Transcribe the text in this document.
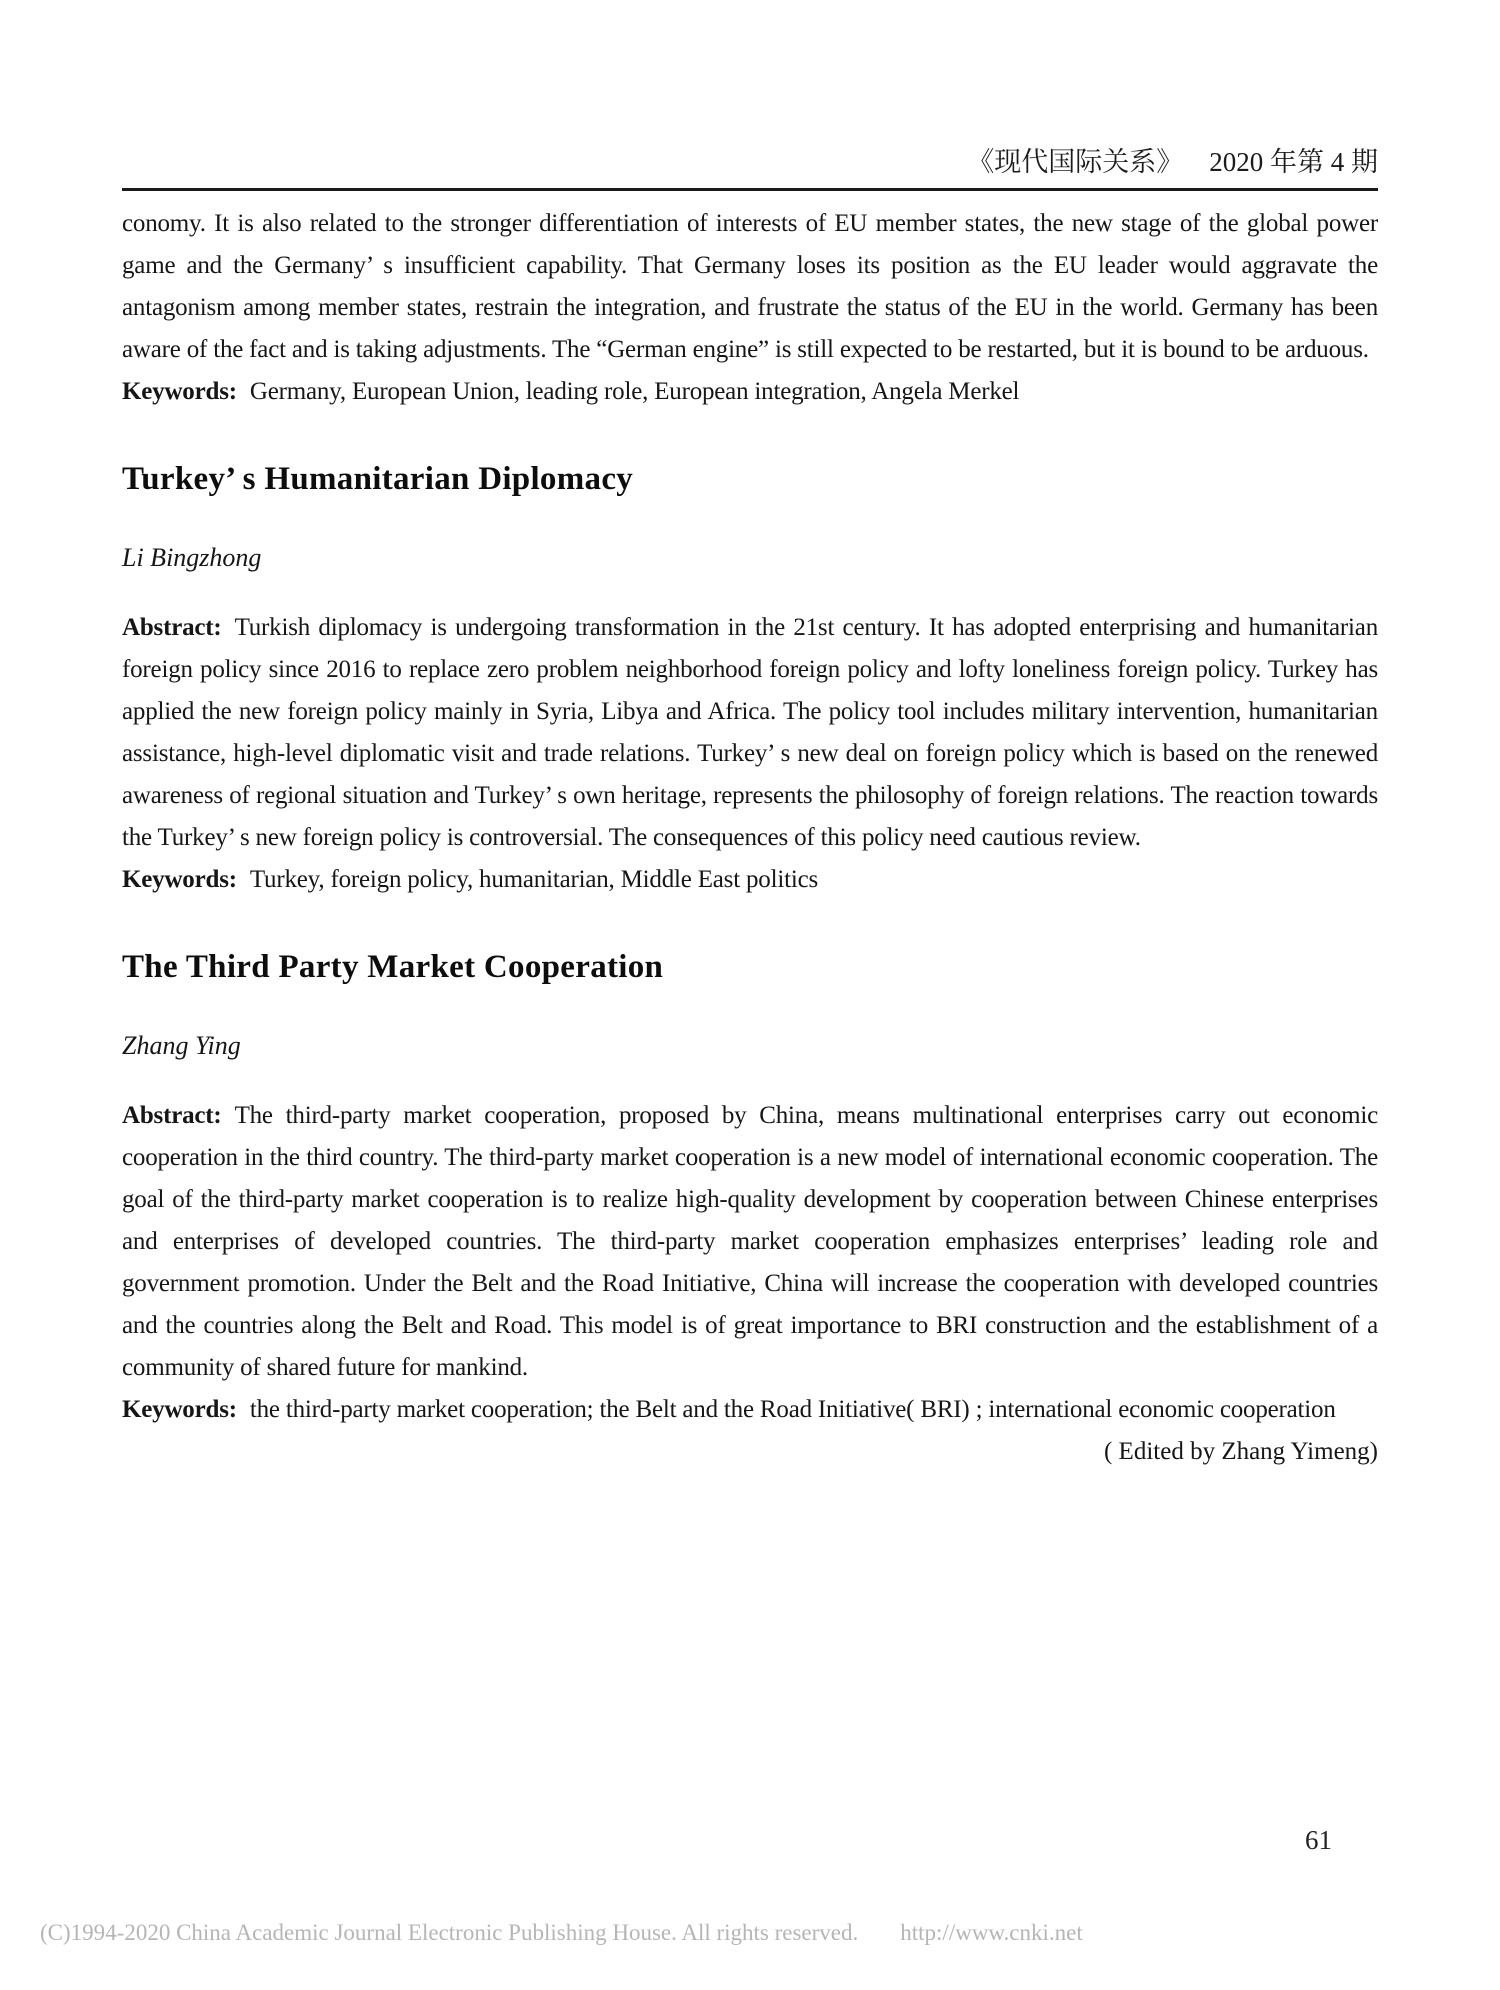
《现代国际关系》 2020 年第 4 期

conomy. It is also related to the stronger differentiation of interests of EU member states, the new stage of the global power game and the Germany’ s insufficient capability. That Germany loses its position as the EU leader would aggravate the antagonism among member states, restrain the integration, and frustrate the status of the EU in the world. Germany has been aware of the fact and is taking adjustments. The “German engine” is still expected to be restarted, but it is bound to be arduous.

Keywords: Germany, European Union, leading role, European integration, Angela Merkel

Turkey’ s Humanitarian Diplomacy

Li Bingzhong

Abstract: Turkish diplomacy is undergoing transformation in the 21st century. It has adopted enterprising and humanitarian foreign policy since 2016 to replace zero problem neighborhood foreign policy and lofty loneliness foreign policy. Turkey has applied the new foreign policy mainly in Syria, Libya and Africa. The policy tool includes military intervention, humanitarian assistance, high-level diplomatic visit and trade relations. Turkey’ s new deal on foreign policy which is based on the renewed awareness of regional situation and Turkey’ s own heritage, represents the philosophy of foreign relations. The reaction towards the Turkey’ s new foreign policy is controversial. The consequences of this policy need cautious review.

Keywords: Turkey, foreign policy, humanitarian, Middle East politics

The Third Party Market Cooperation

Zhang Ying

Abstract: The third-party market cooperation, proposed by China, means multinational enterprises carry out economic cooperation in the third country. The third-party market cooperation is a new model of international economic cooperation. The goal of the third-party market cooperation is to realize high-quality development by cooperation between Chinese enterprises and enterprises of developed countries. The third-party market cooperation emphasizes enterprises’ leading role and government promotion. Under the Belt and the Road Initiative, China will increase the cooperation with developed countries and the countries along the Belt and Road. This model is of great importance to BRI construction and the establishment of a community of shared future for mankind.

Keywords: the third-party market cooperation; the Belt and the Road Initiative( BRI) ; international economic cooperation

( Edited by Zhang Yimeng)

61
(C)1994-2020 China Academic Journal Electronic Publishing House. All rights reserved. http://www.cnki.net
